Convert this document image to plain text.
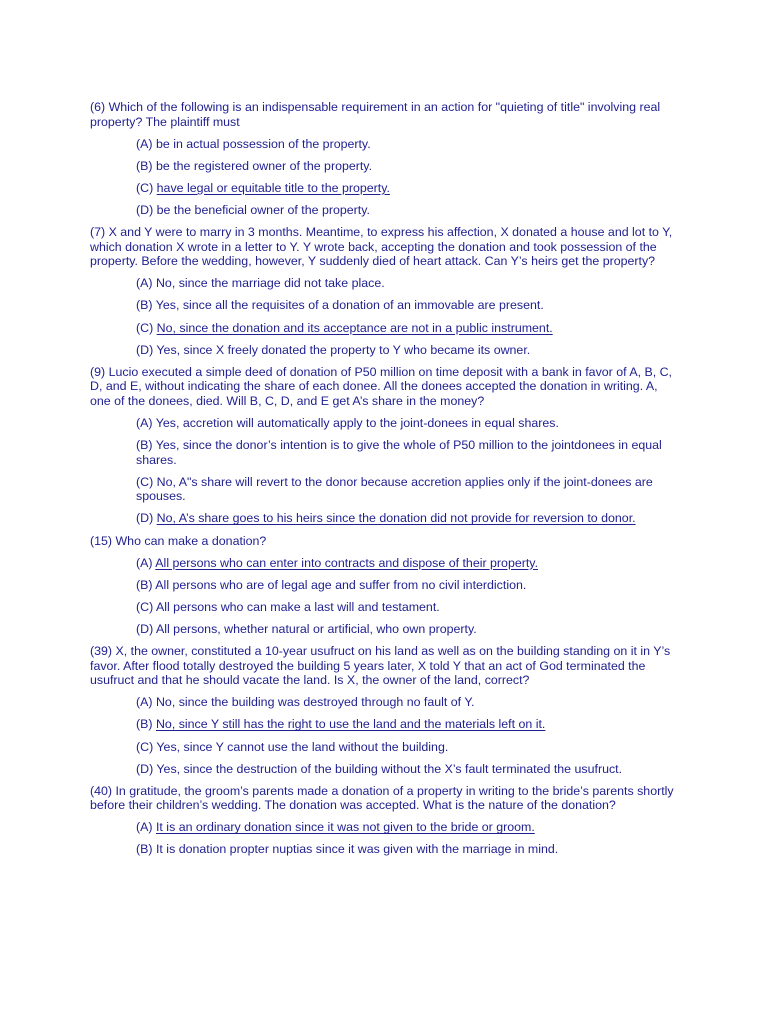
(6) Which of the following is an indispensable requirement in an action for "quieting of title" involving real property? The plaintiff must
(A) be in actual possession of the property.
(B) be the registered owner of the property.
(C) have legal or equitable title to the property.
(D) be the beneficial owner of the property.
(7) X and Y were to marry in 3 months. Meantime, to express his affection, X donated a house and lot to Y, which donation X wrote in a letter to Y. Y wrote back, accepting the donation and took possession of the property. Before the wedding, however, Y suddenly died of heart attack. Can Y’s heirs get the property?
(A) No, since the marriage did not take place.
(B) Yes, since all the requisites of a donation of an immovable are present.
(C) No, since the donation and its acceptance are not in a public instrument.
(D) Yes, since X freely donated the property to Y who became its owner.
(9) Lucio executed a simple deed of donation of P50 million on time deposit with a bank in favor of A, B, C, D, and E, without indicating the share of each donee. All the donees accepted the donation in writing. A, one of the donees, died. Will B, C, D, and E get A’s share in the money?
(A) Yes, accretion will automatically apply to the joint-donees in equal shares.
(B) Yes, since the donor’s intention is to give the whole of P50 million to the jointdonees in equal shares.
(C) No, A"s share will revert to the donor because accretion applies only if the joint-donees are spouses.
(D) No, A’s share goes to his heirs since the donation did not provide for reversion to donor.
(15) Who can make a donation?
(A) All persons who can enter into contracts and dispose of their property.
(B) All persons who are of legal age and suffer from no civil interdiction.
(C) All persons who can make a last will and testament.
(D) All persons, whether natural or artificial, who own property.
(39) X, the owner, constituted a 10-year usufruct on his land as well as on the building standing on it in Y’s favor. After flood totally destroyed the building 5 years later, X told Y that an act of God terminated the usufruct and that he should vacate the land. Is X, the owner of the land, correct?
(A) No, since the building was destroyed through no fault of Y.
(B) No, since Y still has the right to use the land and the materials left on it.
(C) Yes, since Y cannot use the land without the building.
(D) Yes, since the destruction of the building without the X’s fault terminated the usufruct.
(40) In gratitude, the groom’s parents made a donation of a property in writing to the bride’s parents shortly before their children’s wedding. The donation was accepted. What is the nature of the donation?
(A) It is an ordinary donation since it was not given to the bride or groom.
(B) It is donation propter nuptias since it was given with the marriage in mind.
